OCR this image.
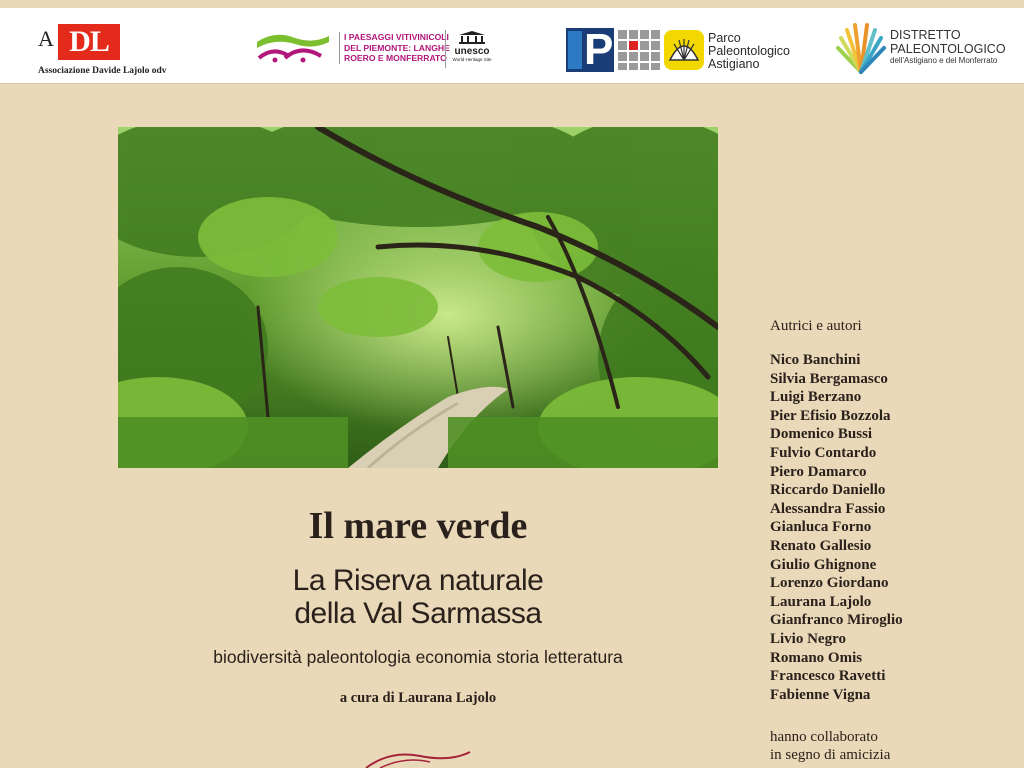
A DL
Associazione Davide Lajolo odv
I PAESAGGI VITIVINICOLI
DEL PIEMONTE: LANGHE
ROERO E MONFERRATO
unesco
World Heritage Site P	Parco
Paleontologico
Astigiano
DISTRETTO
PALEONTOLOGICO
dell'Astigiano e del Monferrato
Il mare verde
La Riserva naturale
della Val Sarmassa
biodiversità paleontologia economia storia letteratura
a cura di Laurana Lajolo
Autrici e autori
Nico Banchini
Silvia Bergamasco
Luigi Berzano
Pier Efisio Bozzola
Domenico Bussi
Fulvio Contardo
Piero Damarco
Riccardo Daniello
Alessandra Fassio
Gianluca Forno
Renato Gallesio
Giulio Ghignone
Lorenzo Giordano
Laurana Lajolo
Gianfranco Miroglio
Livio Negro
Romano Omis
Francesco Ravetti
Fabienne Vigna
hanno collaborato
in segno di amicizia
